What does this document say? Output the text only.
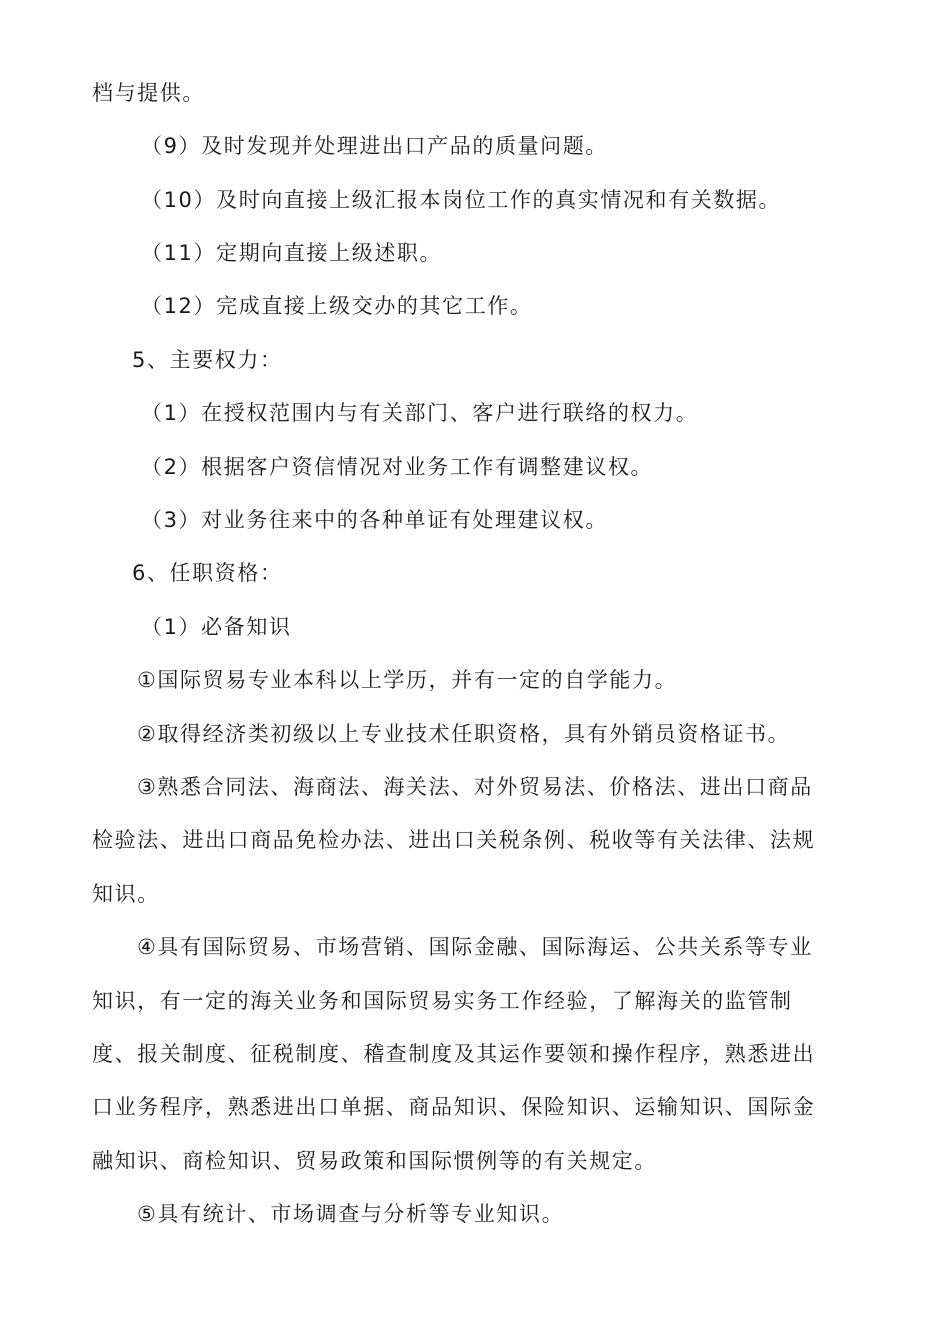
档与提供。
（9）及时发现并处理进出口产品的质量问题。
（10）及时向直接上级汇报本岗位工作的真实情况和有关数据。
（11）定期向直接上级述职。
（12）完成直接上级交办的其它工作。
5、主要权力：
（1）在授权范围内与有关部门、客户进行联络的权力。
（2）根据客户资信情况对业务工作有调整建议权。
（3）对业务往来中的各种单证有处理建议权。
6、任职资格：
（1）必备知识
①国际贸易专业本科以上学历，并有一定的自学能力。
②取得经济类初级以上专业技术任职资格，具有外销员资格证书。
③熟悉合同法、海商法、海关法、对外贸易法、价格法、进出口商品
检验法、进出口商品免检办法、进出口关税条例、税收等有关法律、法规
知识。
④具有国际贸易、市场营销、国际金融、国际海运、公共关系等专业
知识，有一定的海关业务和国际贸易实务工作经验，了解海关的监管制
度、报关制度、征税制度、稽查制度及其运作要领和操作程序，熟悉进出
口业务程序，熟悉进出口单据、商品知识、保险知识、运输知识、国际金
融知识、商检知识、贸易政策和国际惯例等的有关规定。
⑤具有统计、市场调查与分析等专业知识。
